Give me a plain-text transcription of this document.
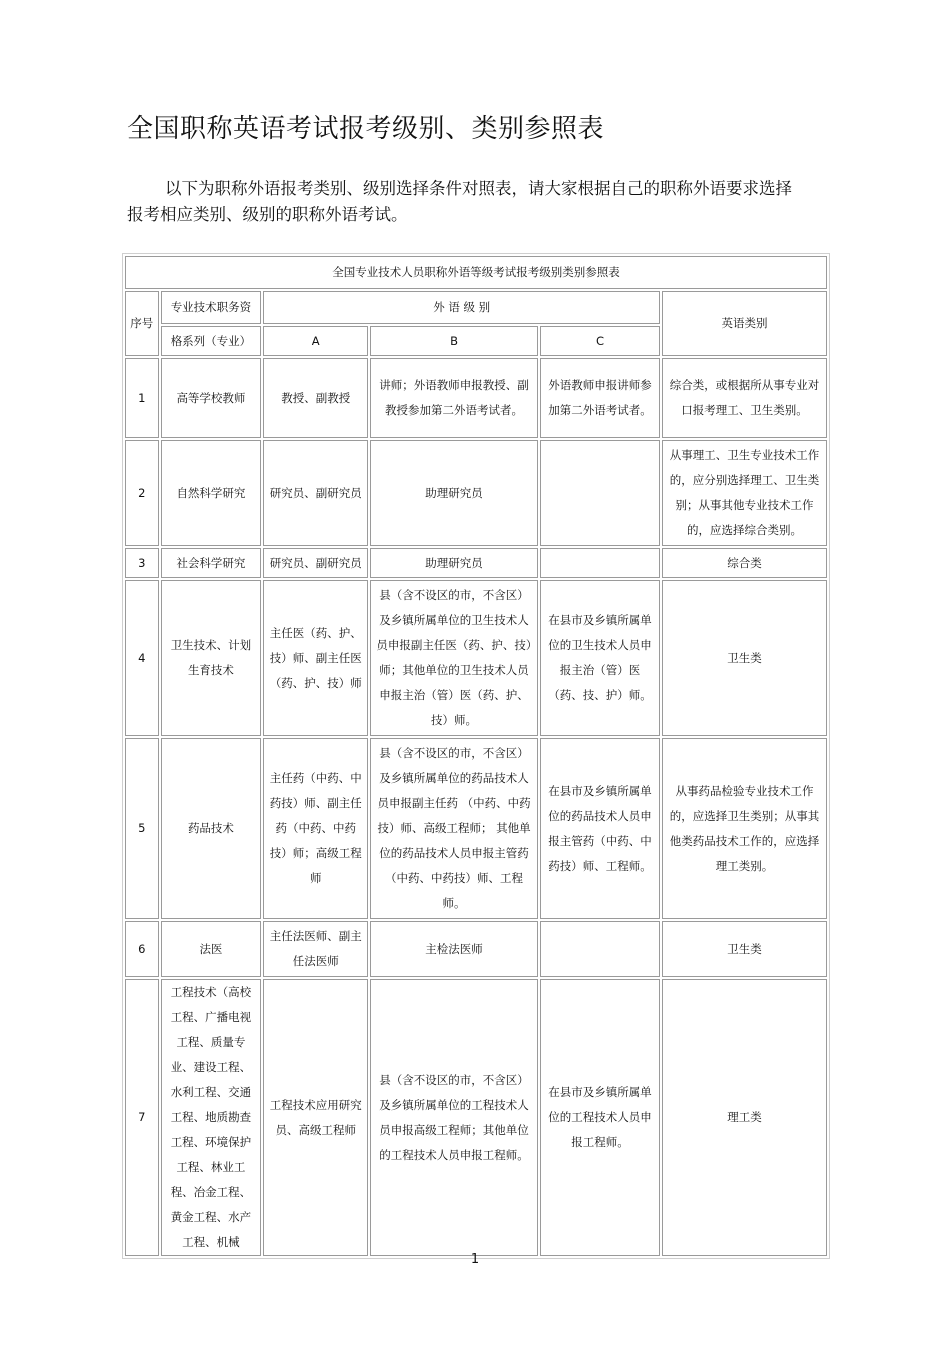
全国职称英语考试报考级别、类别参照表

以下为职称外语报考类别、级别选择条件对照表，请大家根据自己的职称外语要求选择报考相应类别、级别的职称外语考试。

全国专业技术人员职称外语等级考试报考级别类别参照表					
序号	专业技术职务资	外 语 级 别			英语类别
	格系列（专业）	A	B	C	
1	高等学校教师	教授、副教授	讲师；外语教师申报教授、副教授参加第二外语考试者。	外语教师申报讲师参加第二外语考试者。	综合类，或根据所从事专业对口报考理工、卫生类别。
2	自然科学研究	研究员、副研究员	助理研究员		从事理工、卫生专业技术工作的，应分别选择理工、卫生类别；从事其他专业技术工作的，应选择综合类别。
3	社会科学研究	研究员、副研究员	助理研究员		综合类
4	卫生技术、计划生育技术	主任医（药、护、技）师、副主任医（药、护、技）师	县（含不设区的市，不含区）及乡镇所属单位的卫生技术人员申报副主任医（药、护、技）师；其他单位的卫生技术人员申报主治（管）医（药、护、技）师。	在县市及乡镇所属单位的卫生技术人员申报主治（管）医（药、技、护）师。	卫生类
5	药品技术	主任药（中药、中药技）师、副主任药（中药、中药技）师；高级工程师	县（含不设区的市，不含区）及乡镇所属单位的药品技术人员申报副主任药 （中药、中药技）师、高级工程师； 其他单位的药品技术人员申报主管药（中药、中药技）师、工程师。	在县市及乡镇所属单位的药品技术人员申报主管药（中药、中药技）师、工程师。	从事药品检验专业技术工作的，应选择卫生类别；从事其他类药品技术工作的，应选择理工类别。
6	法医	主任法医师、副主任法医师	主检法医师		卫生类
7	工程技术（高校工程、广播电视工程、质量专业、建设工程、水利工程、交通工程、地质勘查工程、环境保护工程、林业工程、冶金工程、黄金工程、水产工程、机械	工程技术应用研究员、高级工程师	县（含不设区的市，不含区）及乡镇所属单位的工程技术人员申报高级工程师；其他单位的工程技术人员申报工程师。	在县市及乡镇所属单位的工程技术人员申报工程师。	理工类
1
